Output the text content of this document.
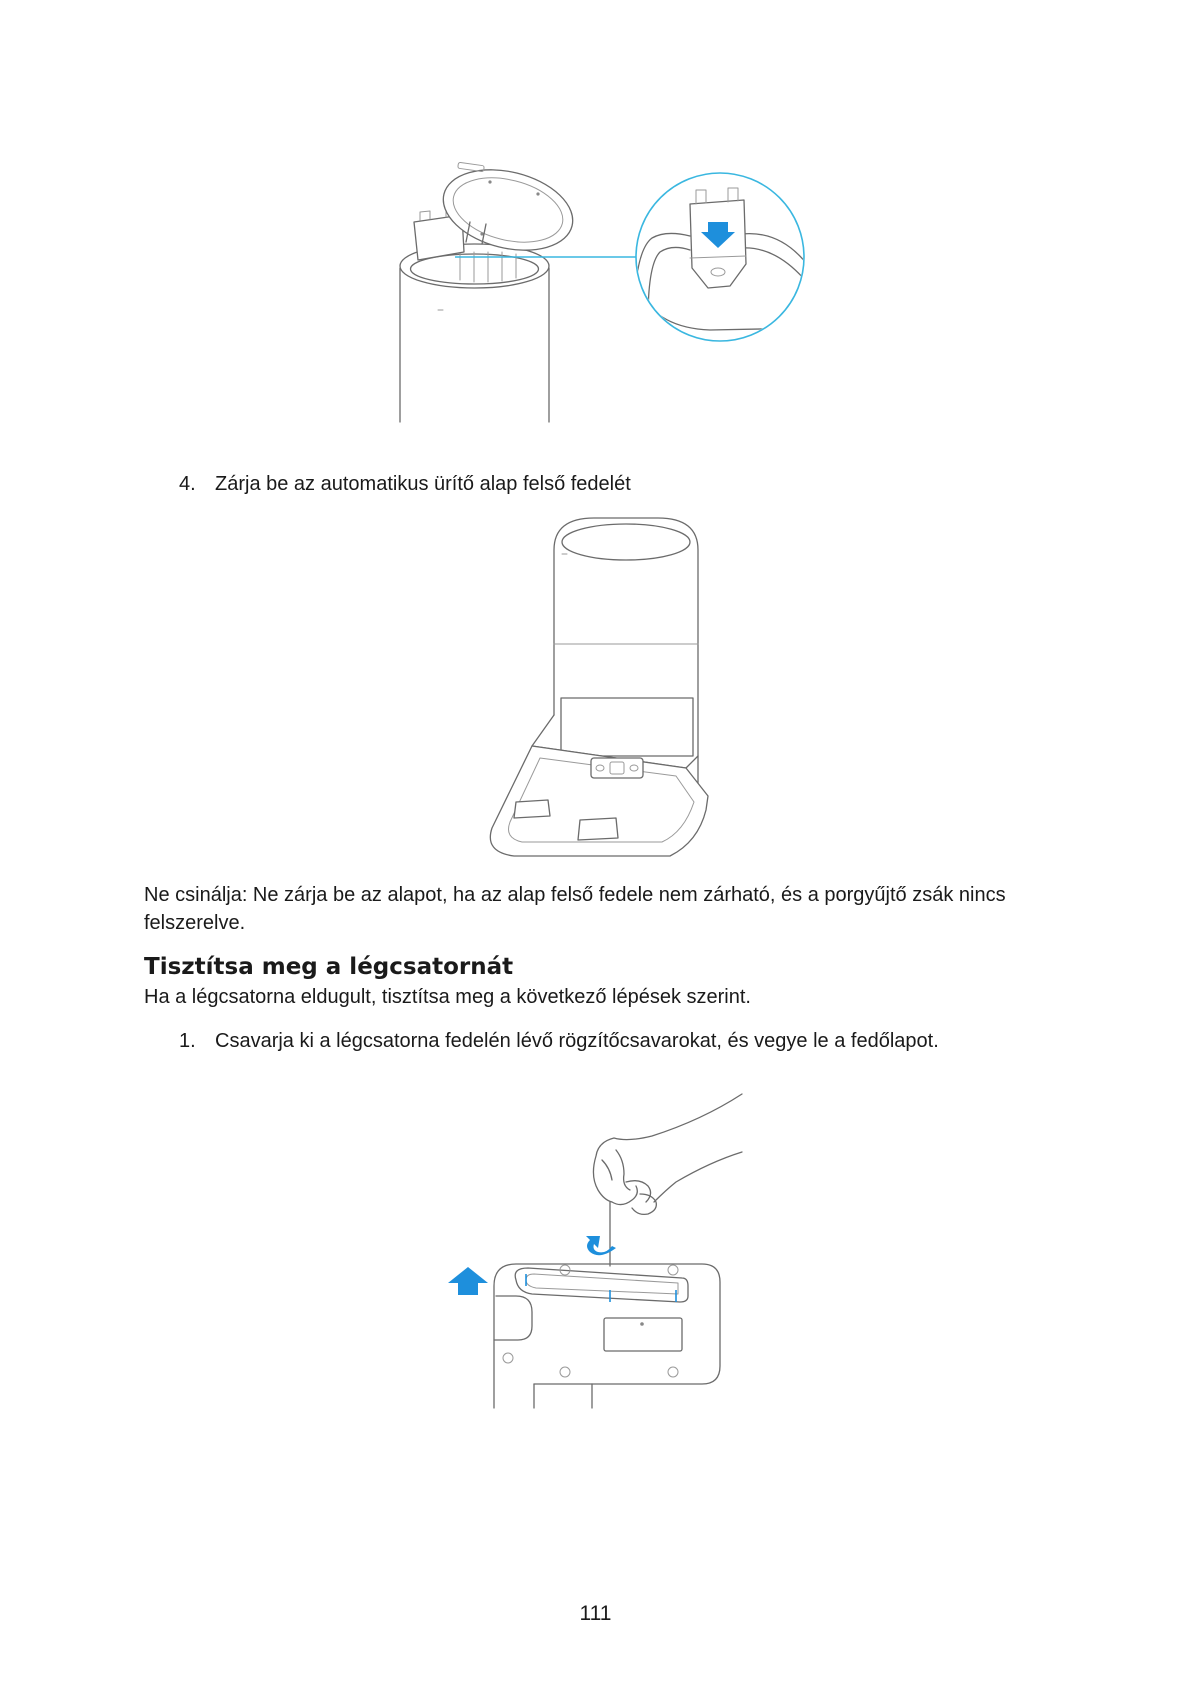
4. Zárja be az automatikus ürítő alap felső fedelét
Ne csinálja: Ne zárja be az alapot, ha az alap felső fedele nem zárható, és a porgyűjtő zsák nincs felszerelve.
Tisztítsa meg a légcsatornát
Ha a légcsatorna eldugult, tisztítsa meg a következő lépések szerint.
1. Csavarja ki a légcsatorna fedelén lévő rögzítőcsavarokat, és vegye le a fedőlapot.
111
